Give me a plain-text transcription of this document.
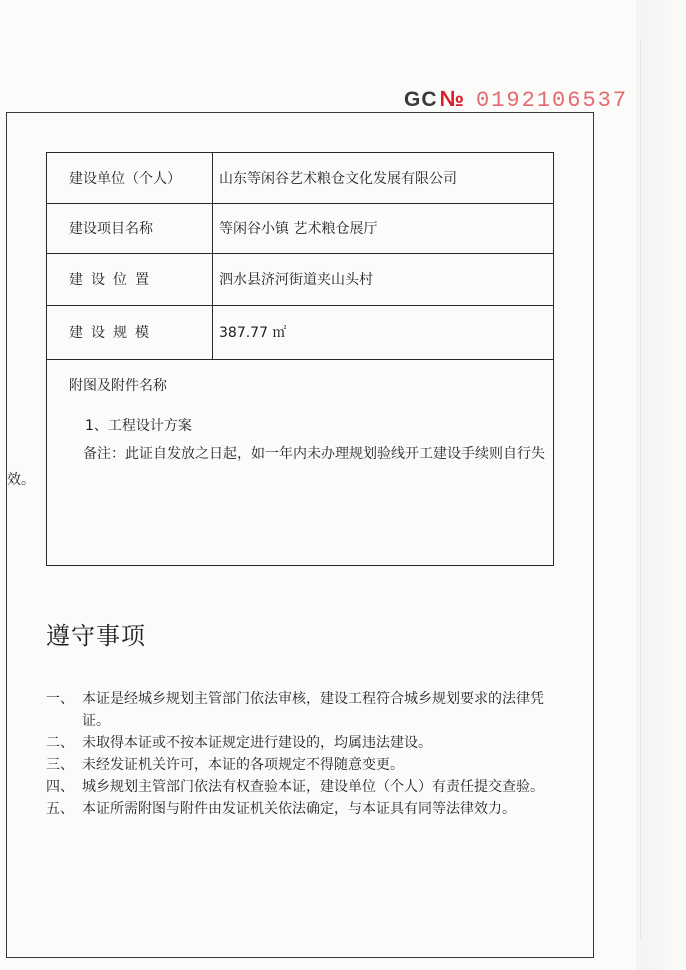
GC № 0192106537
建设单位（个人）	山东等闲谷艺术粮仓文化发展有限公司
建设项目名称	等闲谷小镇 艺术粮仓展厅
建设位置	泗水县济河街道夹山头村
建设规模	387.77 ㎡
附图及附件名称
1、工程设计方案
备注：此证自发放之日起，如一年内未办理规划验线开工建设手续则自行失效。
遵守事项
一、 本证是经城乡规划主管部门依法审核，建设工程符合城乡规划要求的法律凭证。
二、 未取得本证或不按本证规定进行建设的，均属违法建设。
三、 未经发证机关许可，本证的各项规定不得随意变更。
四、 城乡规划主管部门依法有权查验本证，建设单位（个人）有责任提交查验。
五、 本证所需附图与附件由发证机关依法确定，与本证具有同等法律效力。
